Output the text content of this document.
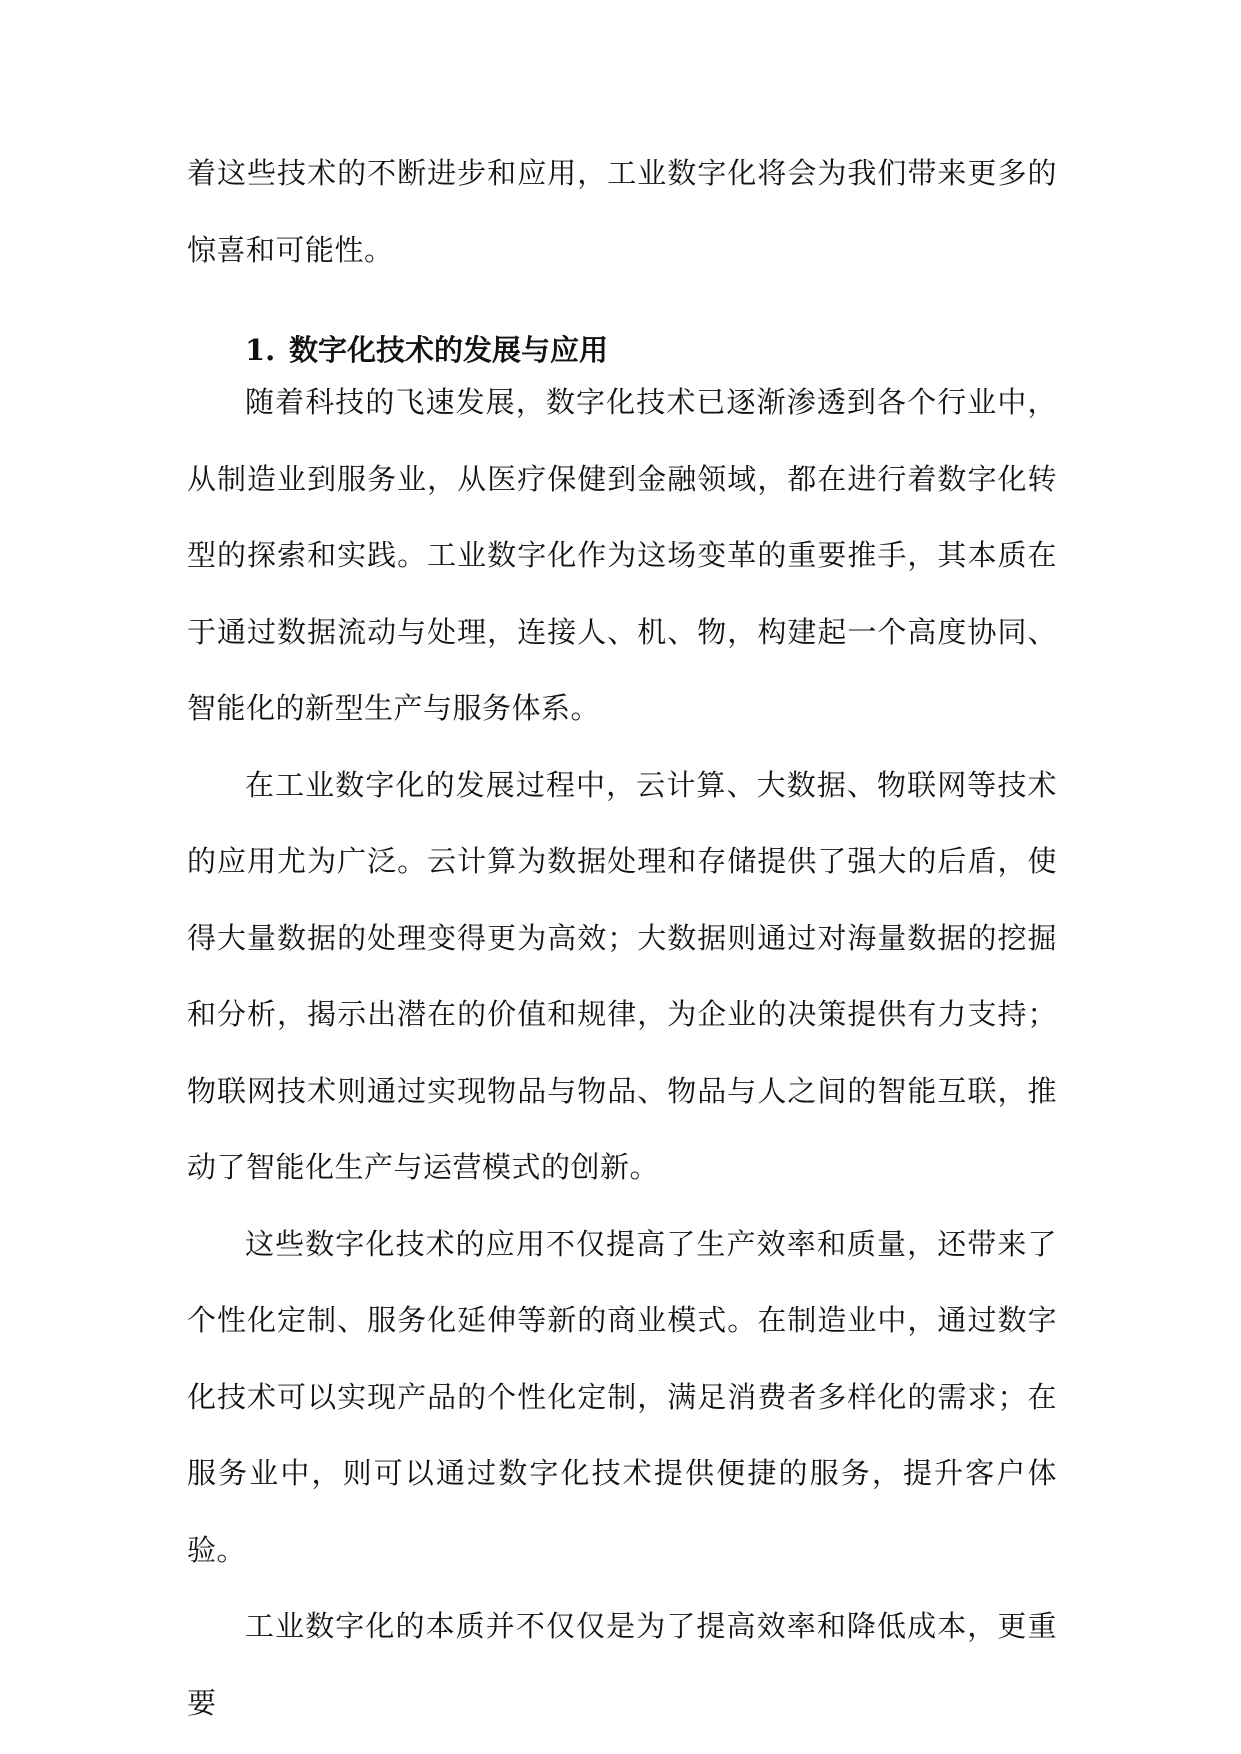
着这些技术的不断进步和应用，工业数字化将会为我们带来更多的惊喜和可能性。

1. 数字化技术的发展与应用

随着科技的飞速发展，数字化技术已逐渐渗透到各个行业中，从制造业到服务业，从医疗保健到金融领域，都在进行着数字化转型的探索和实践。工业数字化作为这场变革的重要推手，其本质在于通过数据流动与处理，连接人、机、物，构建起一个高度协同、智能化的新型生产与服务体系。

在工业数字化的发展过程中，云计算、大数据、物联网等技术的应用尤为广泛。云计算为数据处理和存储提供了强大的后盾，使得大量数据的处理变得更为高效；大数据则通过对海量数据的挖掘和分析，揭示出潜在的价值和规律，为企业的决策提供有力支持；物联网技术则通过实现物品与物品、物品与人之间的智能互联，推动了智能化生产与运营模式的创新。

这些数字化技术的应用不仅提高了生产效率和质量，还带来了个性化定制、服务化延伸等新的商业模式。在制造业中，通过数字化技术可以实现产品的个性化定制，满足消费者多样化的需求；在服务业中，则可以通过数字化技术提供便捷的服务，提升客户体验。

工业数字化的本质并不仅仅是为了提高效率和降低成本，更重要
